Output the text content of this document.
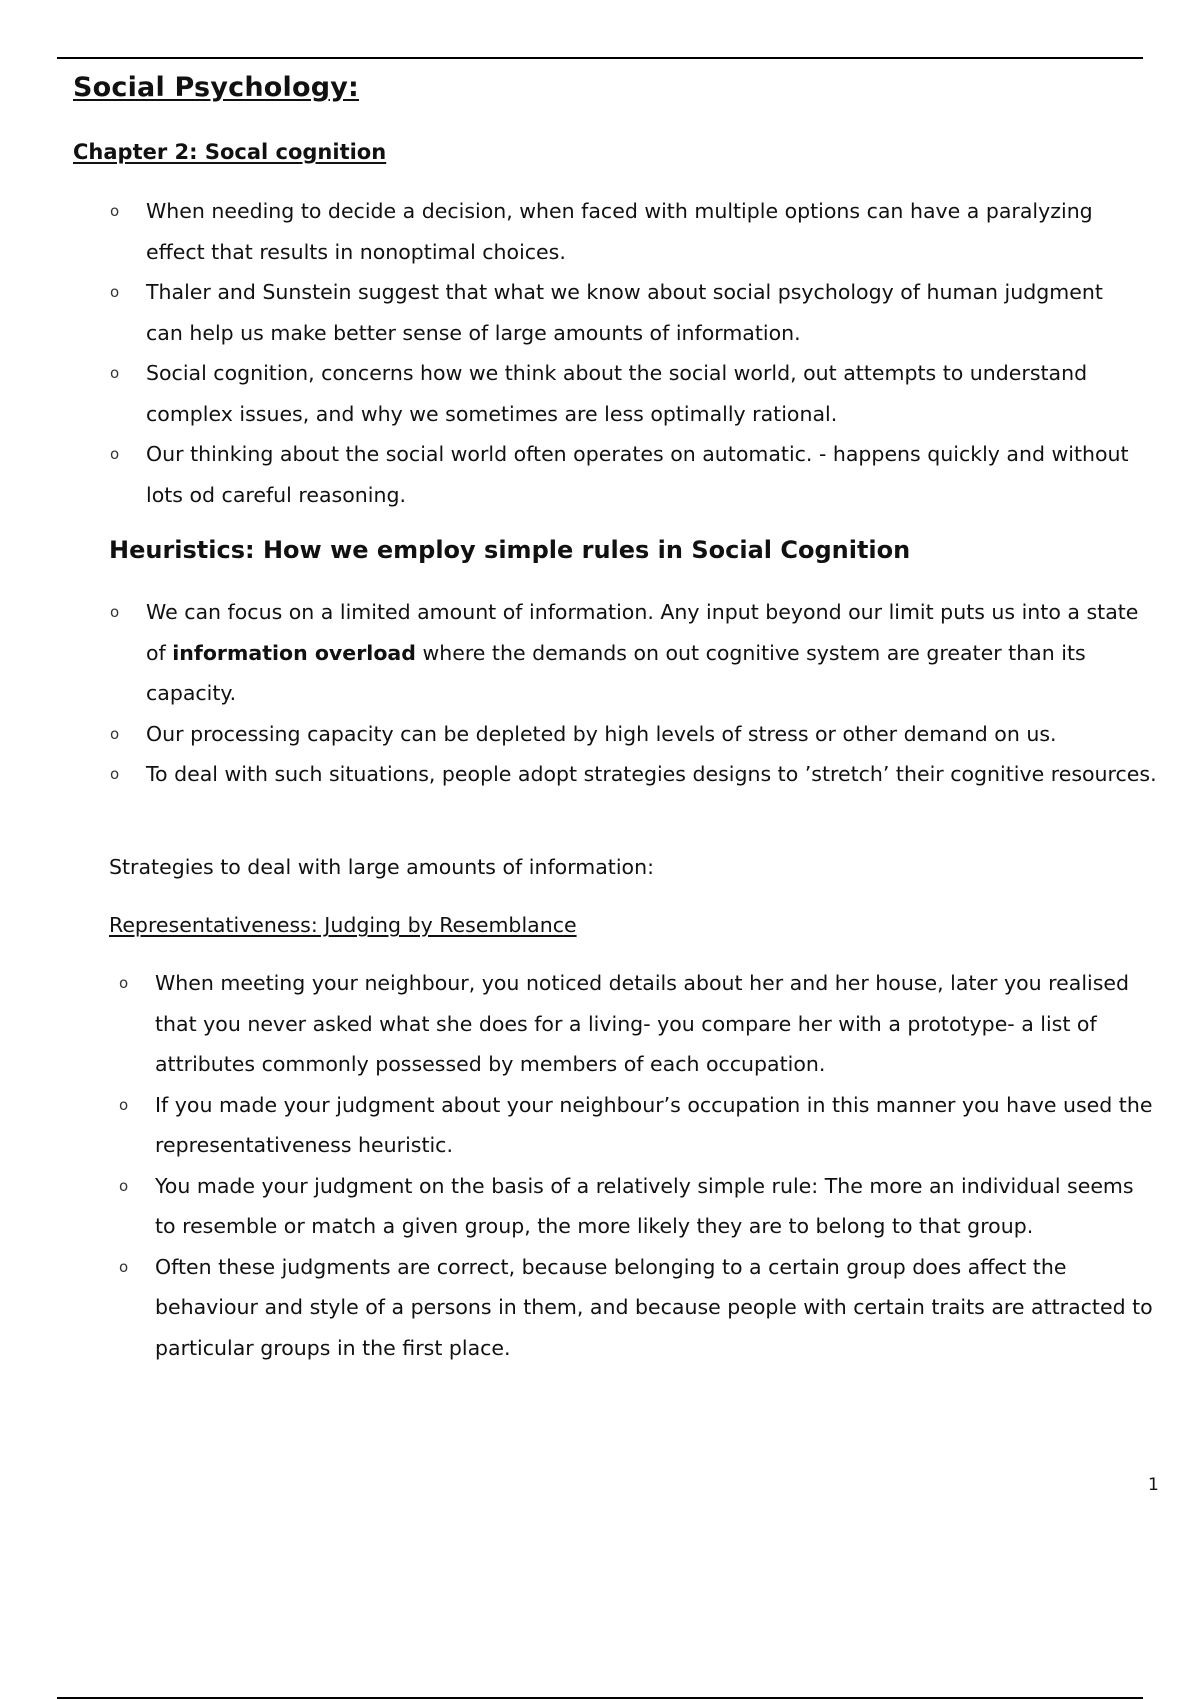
Social Psychology:
Chapter 2: Socal cognition
o When needing to decide a decision, when faced with multiple options can have a paralyzing effect that results in nonoptimal choices.
o Thaler and Sunstein suggest that what we know about social psychology of human judgment can help us make better sense of large amounts of information.
o Social cognition, concerns how we think about the social world, out attempts to understand complex issues, and why we sometimes are less optimally rational.
o Our thinking about the social world often operates on automatic. - happens quickly and without lots od careful reasoning.
Heuristics: How we employ simple rules in Social Cognition
o We can focus on a limited amount of information. Any input beyond our limit puts us into a state of information overload where the demands on out cognitive system are greater than its capacity.
o Our processing capacity can be depleted by high levels of stress or other demand on us.
o To deal with such situations, people adopt strategies designs to ’stretch’ their cognitive resources.

Strategies to deal with large amounts of information:

Representativeness: Judging by Resemblance

o When meeting your neighbour, you noticed details about her and her house, later you realised that you never asked what she does for a living- you compare her with a prototype- a list of attributes commonly possessed by members of each occupation.
o If you made your judgment about your neighbour’s occupation in this manner you have used the representativeness heuristic.
o You made your judgment on the basis of a relatively simple rule: The more an individual seems to resemble or match a given group, the more likely they are to belong to that group.
o Often these judgments are correct, because belonging to a certain group does affect the behaviour and style of a persons in them, and because people with certain traits are attracted to particular groups in the first place.

1
